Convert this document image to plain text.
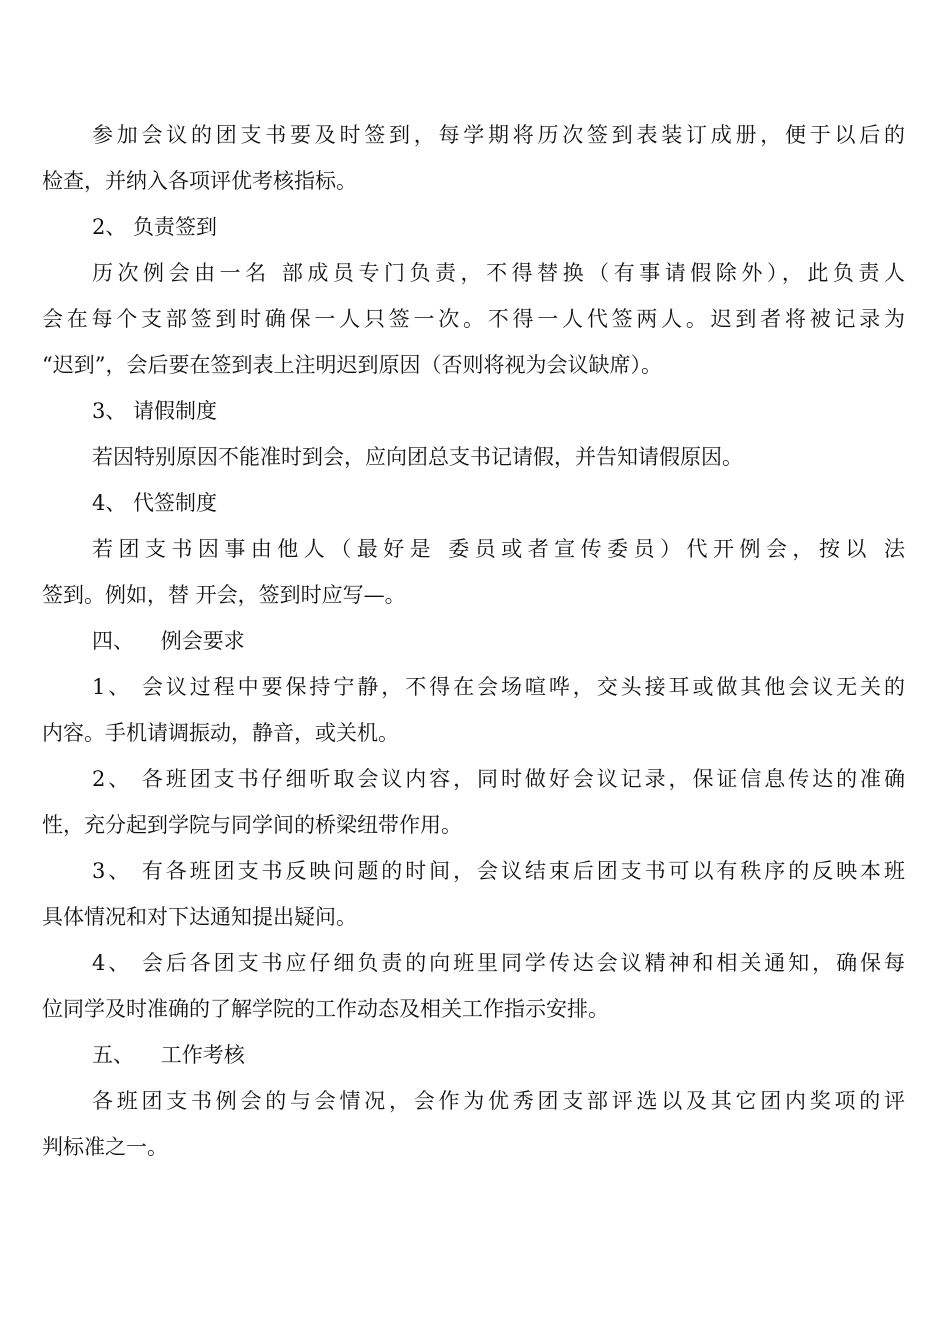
参加会议的团支书要及时签到，每学期将历次签到表装订成册，便于以后的
检查，并纳入各项评优考核指标。
2、 负责签到
历次例会由一名 部成员专门负责，不得替换（有事请假除外），此负责人
会在每个支部签到时确保一人只签一次。不得一人代签两人。迟到者将被记录为
“迟到”，会后要在签到表上注明迟到原因（否则将视为会议缺席）。
3、 请假制度
若因特别原因不能准时到会，应向团总支书记请假，并告知请假原因。
4、 代签制度
若团支书因事由他人（最好是 委员或者宣传委员）代开例会，按以 法
签到。例如，替 开会，签到时应写—。
四、    例会要求
1、 会议过程中要保持宁静，不得在会场喧哗，交头接耳或做其他会议无关的
内容。手机请调振动，静音，或关机。
2、 各班团支书仔细听取会议内容，同时做好会议记录，保证信息传达的准确
性，充分起到学院与同学间的桥梁纽带作用。
3、 有各班团支书反映问题的时间，会议结束后团支书可以有秩序的反映本班
具体情况和对下达通知提出疑问。
4、 会后各团支书应仔细负责的向班里同学传达会议精神和相关通知，确保每
位同学及时准确的了解学院的工作动态及相关工作指示安排。
五、    工作考核
各班团支书例会的与会情况，会作为优秀团支部评选以及其它团内奖项的评
判标准之一。
